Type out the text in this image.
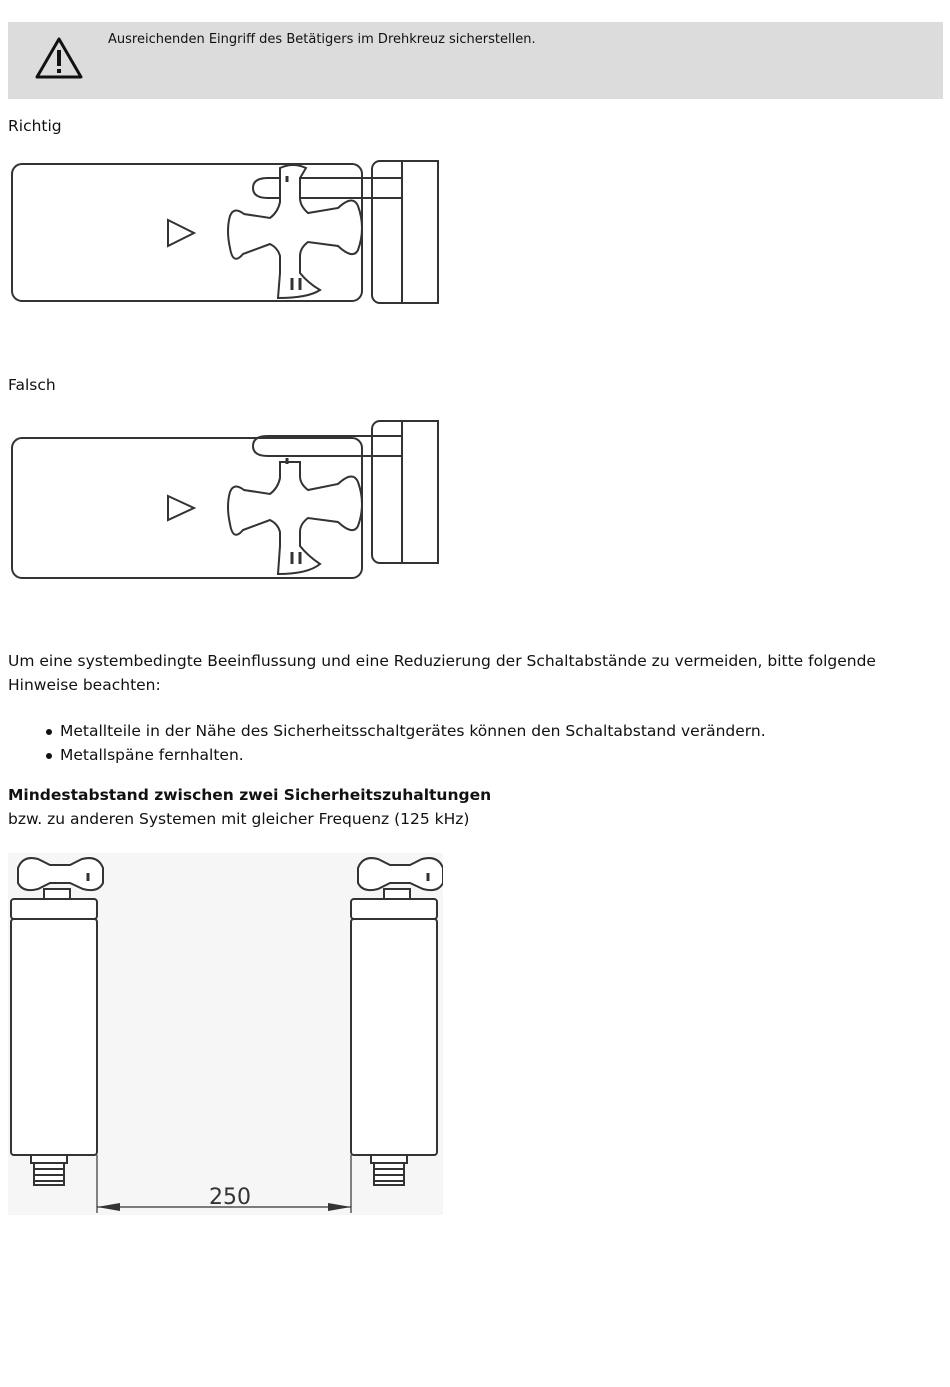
Ausreichenden Eingriff des Betätigers im Drehkreuz sicherstellen.
Richtig
Falsch
Um eine systembedingte Beeinflussung und eine Reduzierung der Schaltabstände zu vermeiden, bitte folgende Hinweise beachten:
Metallteile in der Nähe des Sicherheitsschaltgerätes können den Schaltabstand verändern.
Metallspäne fernhalten.
Mindestabstand zwischen zwei Sicherheitszuhaltungen
bzw. zu anderen Systemen mit gleicher Frequenz (125 kHz)
250
